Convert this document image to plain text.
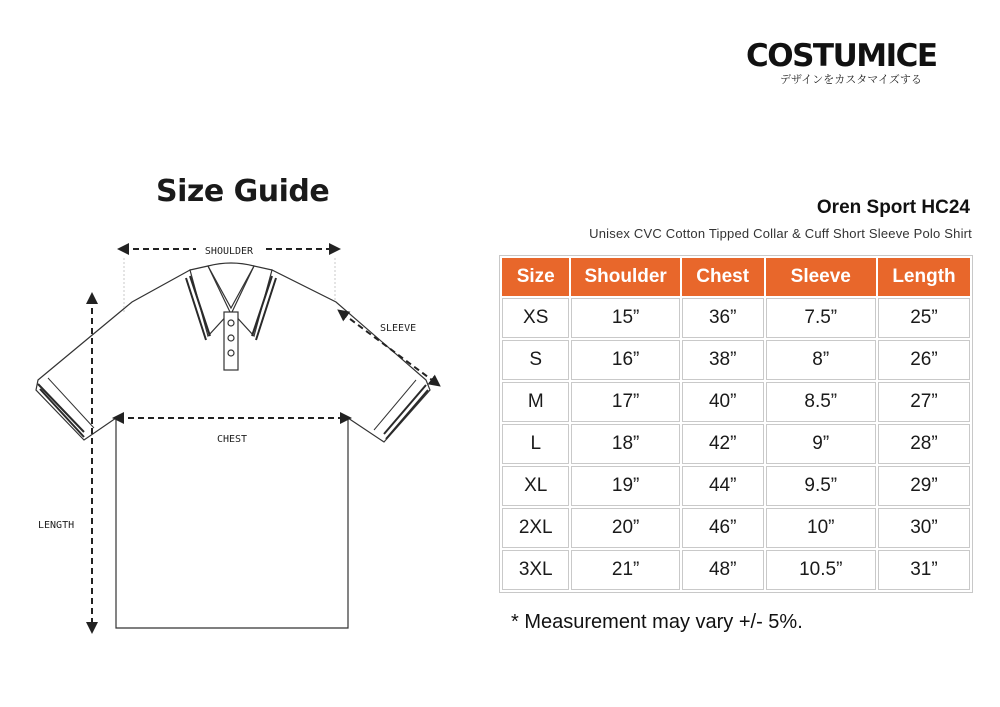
COSTUMICE
デザインをカスタマイズする
Size Guide
SHOULDER
SLEEVE
CHEST
LENGTH
Oren Sport HC24
Unisex CVC Cotton Tipped Collar & Cuff Short Sleeve Polo Shirt
Size	Shoulder	Chest	Sleeve	Length
XS	15”	36”	7.5”	25”
S	16”	38”	8”	26”
M	17”	40”	8.5”	27”
L	18”	42”	9”	28”
XL	19”	44”	9.5”	29”
2XL	20”	46”	10”	30”
3XL	21”	48”	10.5”	31”
* Measurement may vary +/- 5%.
